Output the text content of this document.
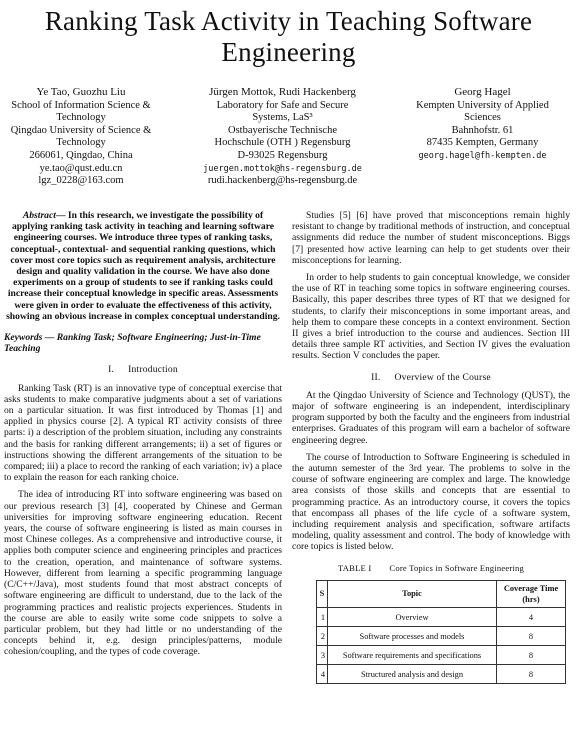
Ranking Task Activity in Teaching Software Engineering
Ye Tao, Guozhu Liu
School of Information Science &
Technology
Qingdao University of Science &
Technology
266061, Qingdao, China
ye.tao@qust.edu.cn
lgz_0228@163.com
Jürgen Mottok, Rudi Hackenberg
Laboratory for Safe and Secure
Systems, LaS³
Ostbayerische Technische
Hochschule (OTH ) Regensburg
D-93025 Regensburg
juergen.mottok@hs-regensburg.de
rudi.hackenberg@hs-regensburg.de
Georg Hagel
Kempten University of Applied
Sciences
Bahnhofstr. 61
87435 Kempten, Germany
georg.hagel@fh-kempten.de
Abstract— In this research, we investigate the possibility of applying ranking task activity in teaching and learning software engineering courses. We introduce three types of ranking tasks, conceptual-, contextual- and sequential ranking questions, which cover most core topics such as requirement analysis, architecture design and quality validation in the course. We have also done experiments on a group of students to see if ranking tasks could increase their conceptual knowledge in specific areas. Assessments were given in order to evaluate the effectiveness of this activity, showing an obvious increase in complex conceptual understanding.
Keywords — Ranking Task; Software Engineering; Just-in-Time Teaching
I. Introduction

Ranking Task (RT) is an innovative type of conceptual exercise that asks students to make comparative judgments about a set of variations on a particular situation. It was first introduced by Thomas [1] and applied in physics course [2]. A typical RT activity consists of three parts: i) a description of the problem situation, including any constraints and the basis for ranking different arrangements; ii) a set of figures or instructions showing the different arrangements of the situation to be compared; iii) a place to record the ranking of each variation; iv) a place to explain the reason for each ranking choice.

The idea of introducing RT into software engineering was based on our previous research [3] [4], cooperated by Chinese and German universities for improving software engineering education. Recent years, the course of software engineering is listed as main courses in most Chinese colleges. As a comprehensive and introductive course, it applies both computer science and engineering principles and practices to the creation, operation, and maintenance of software systems. However, different from learning a specific programming language (C/C++/Java), most students found that most abstract concepts of software engineering are difficult to understand, due to the lack of the programming practices and realistic projects experiences. Students in the course are able to easily write some code snippets to solve a particular problem, but they had little or no understanding of the concepts behind it, e.g. design principles/patterns, module cohesion/coupling, and the types of code coverage.

Studies [5] [6] have proved that misconceptions remain highly resistant to change by traditional methods of instruction, and conceptual assignments did reduce the number of student misconceptions. Biggs [7] presented how active learning can help to get students over their misconceptions for learning.

In order to help students to gain conceptual knowledge, we consider the use of RT in teaching some topics in software engineering courses. Basically, this paper describes three types of RT that we designed for students, to clarify their misconceptions in some important areas, and help them to compare these concepts in a context environment. Section II gives a brief introduction to the course and audiences. Section III details three sample RT activities, and Section IV gives the evaluation results. Section V concludes the paper.

II. Overview of the Course

At the Qingdao University of Science and Technology (QUST), the major of software engineering is an independent, interdisciplinary program supported by both the faculty and the engineers from industrial enterprises. Graduates of this program will earn a bachelor of software engineering degree.

The course of Introduction to Software Engineering is scheduled in the autumn semester of the 3rd year. The problems to solve in the course of software engineering are complex and large. The knowledge area consists of those skills and concepts that are essential to programming practice. As an introductory course, it covers the topics that encompass all phases of the life cycle of a software system, including requirement analysis and specification, software artifacts modeling, quality assessment and control. The body of knowledge with core topics is listed below.

TABLE I Core Topics in Software Engineering
S	Topic	Coverage Time (hrs)
1	Overview	4
2	Software processes and models	8
3	Software requirements and specifications	8
4	Structured analysis and design	8
